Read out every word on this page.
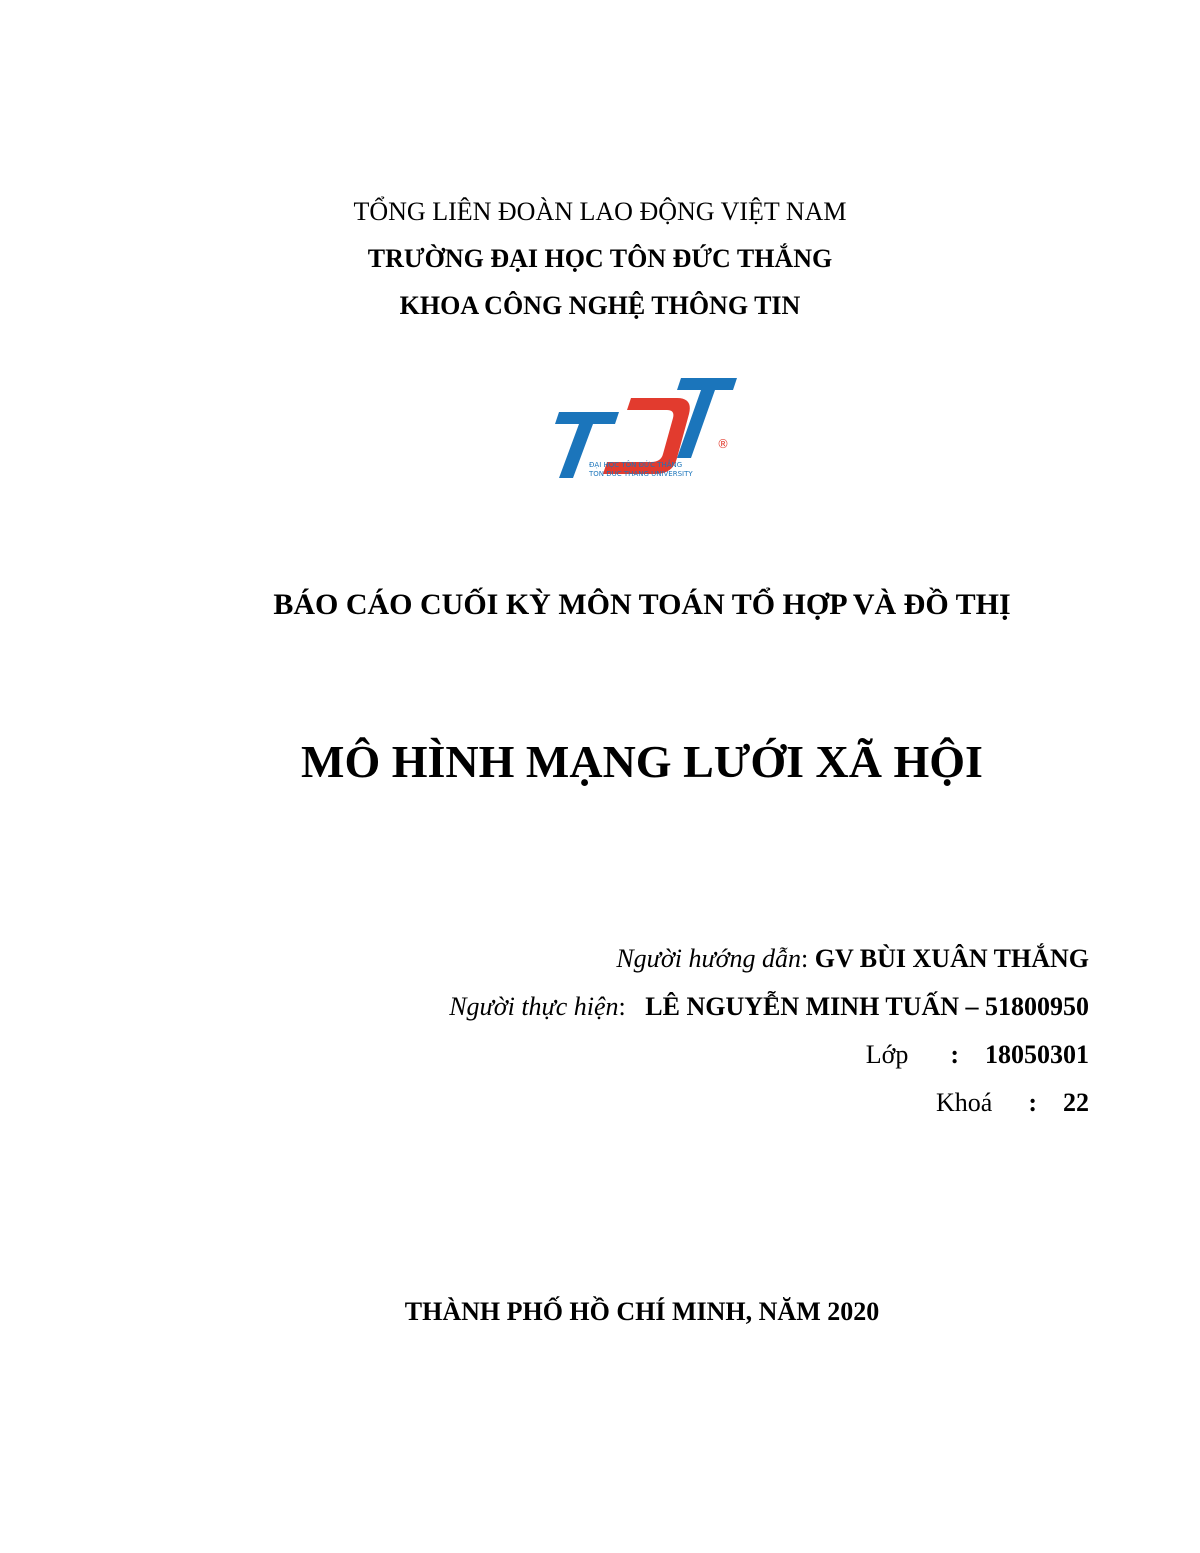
TỔNG LIÊN ĐOÀN LAO ĐỘNG VIỆT NAM
TRƯỜNG ĐẠI HỌC TÔN ĐỨC THẮNG
KHOA CÔNG NGHỆ THÔNG TIN
®
ĐẠI HỌC TÔN ĐỨC THẮNG
TON DUC THANG UNIVERSITY
BÁO CÁO CUỐI KỲ MÔN TOÁN TỔ HỢP VÀ ĐỒ THỊ
MÔ HÌNH MẠNG LƯỚI XÃ HỘI
Người hướng dẫn: GV BÙI XUÂN THẮNG
Người thực hiện: LÊ NGUYỄN MINH TUẤN – 51800950
Lớp : 18050301
Khoá : 22
THÀNH PHỐ HỒ CHÍ MINH, NĂM 2020
